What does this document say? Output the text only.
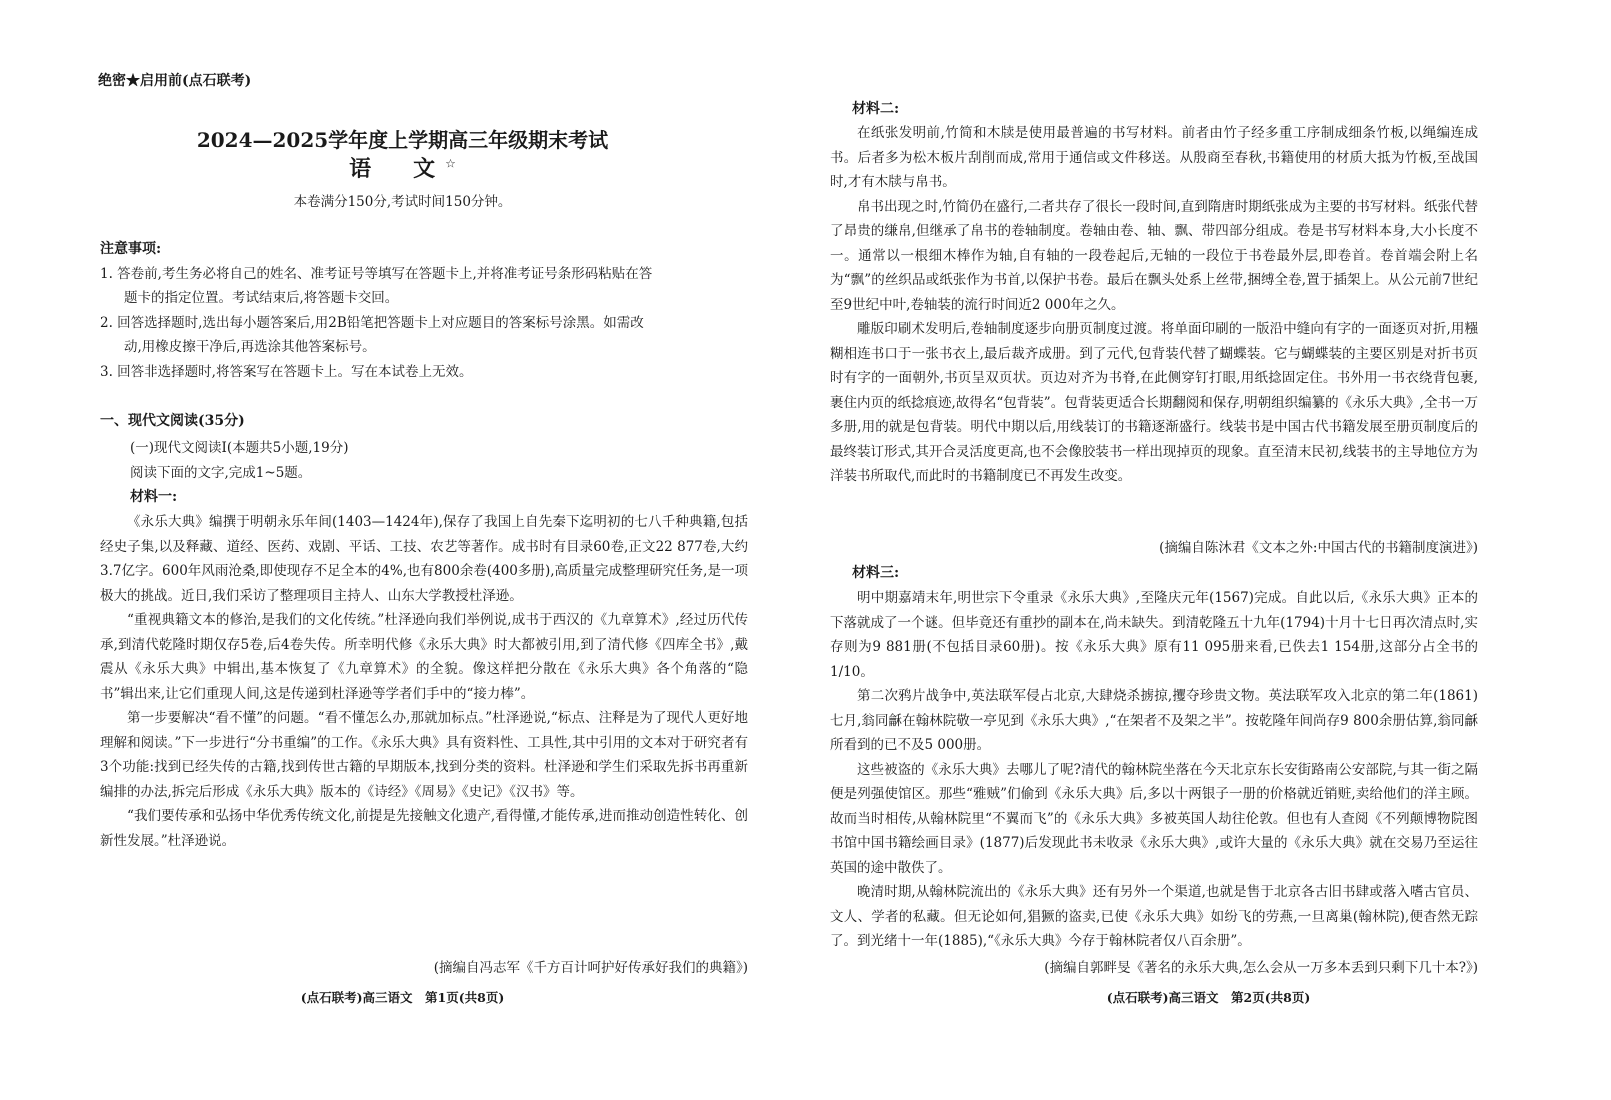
绝密★启用前(点石联考)
2024—2025学年度上学期高三年级期末考试
语　文☆
本卷满分150分,考试时间150分钟。
注意事项:
1. 答卷前,考生务必将自己的姓名、准考证号等填写在答题卡上,并将准考证号条形码粘贴在答
题卡的指定位置。考试结束后,将答题卡交回。
2. 回答选择题时,选出每小题答案后,用2B铅笔把答题卡上对应题目的答案标号涂黑。如需改
动,用橡皮擦干净后,再选涂其他答案标号。
3. 回答非选择题时,将答案写在答题卡上。写在本试卷上无效。
一、现代文阅读(35分)
(一)现代文阅读Ⅰ(本题共5小题,19分)
阅读下面的文字,完成1~5题。
材料一:

《永乐大典》编撰于明朝永乐年间(1403—1424年),保存了我国上自先秦下迄明初的七八千种典籍,包括经史子集,以及释藏、道经、医药、戏剧、平话、工技、农艺等著作。成书时有目录60卷,正文22 877卷,大约3.7亿字。600年风雨沧桑,即使现存不足全本的4%,也有800余卷(400多册),高质量完成整理研究任务,是一项极大的挑战。近日,我们采访了整理项目主持人、山东大学教授杜泽逊。

“重视典籍文本的修治,是我们的文化传统。”杜泽逊向我们举例说,成书于西汉的《九章算术》,经过历代传承,到清代乾隆时期仅存5卷,后4卷失传。所幸明代修《永乐大典》时大都被引用,到了清代修《四库全书》,戴震从《永乐大典》中辑出,基本恢复了《九章算术》的全貌。像这样把分散在《永乐大典》各个角落的“隐书”辑出来,让它们重现人间,这是传递到杜泽逊等学者们手中的“接力棒”。

第一步要解决“看不懂”的问题。“看不懂怎么办,那就加标点。”杜泽逊说,“标点、注释是为了现代人更好地理解和阅读。”下一步进行“分书重编”的工作。《永乐大典》具有资料性、工具性,其中引用的文本对于研究者有3个功能:找到已经失传的古籍,找到传世古籍的早期版本,找到分类的资料。杜泽逊和学生们采取先拆书再重新编排的办法,拆完后形成《永乐大典》版本的《诗经》《周易》《史记》《汉书》等。

“我们要传承和弘扬中华优秀传统文化,前提是先接触文化遗产,看得懂,才能传承,进而推动创造性转化、创新性发展。”杜泽逊说。

(摘编自冯志军《千方百计呵护好传承好我们的典籍》)
(点石联考)高三语文　第1页(共8页)
材料二:

在纸张发明前,竹简和木牍是使用最普遍的书写材料。前者由竹子经多重工序制成细条竹板,以绳编连成书。后者多为松木板片刮削而成,常用于通信或文件移送。从殷商至春秋,书籍使用的材质大抵为竹板,至战国时,才有木牍与帛书。

帛书出现之时,竹简仍在盛行,二者共存了很长一段时间,直到隋唐时期纸张成为主要的书写材料。纸张代替了昂贵的缣帛,但继承了帛书的卷轴制度。卷轴由卷、轴、飘、带四部分组成。卷是书写材料本身,大小长度不一。通常以一根细木棒作为轴,自有轴的一段卷起后,无轴的一段位于书卷最外层,即卷首。卷首端会附上名为“飘”的丝织品或纸张作为书首,以保护书卷。最后在飘头处系上丝带,捆缚全卷,置于插架上。从公元前7世纪至9世纪中叶,卷轴装的流行时间近2 000年之久。

雕版印刷术发明后,卷轴制度逐步向册页制度过渡。将单面印刷的一版沿中缝向有字的一面逐页对折,用糨糊相连书口于一张书衣上,最后裁齐成册。到了元代,包背装代替了蝴蝶装。它与蝴蝶装的主要区别是对折书页时有字的一面朝外,书页呈双页状。页边对齐为书脊,在此侧穿钉打眼,用纸捻固定住。书外用一书衣绕背包裹,裹住内页的纸捻痕迹,故得名“包背装”。包背装更适合长期翻阅和保存,明朝组织编纂的《永乐大典》,全书一万多册,用的就是包背装。明代中期以后,用线装订的书籍逐渐盛行。线装书是中国古代书籍发展至册页制度后的最终装订形式,其开合灵活度更高,也不会像胶装书一样出现掉页的现象。直至清末民初,线装书的主导地位方为洋装书所取代,而此时的书籍制度已不再发生改变。

(摘编自陈沐君《文本之外:中国古代的书籍制度演进》)
材料三:

明中期嘉靖末年,明世宗下令重录《永乐大典》,至隆庆元年(1567)完成。自此以后,《永乐大典》正本的下落就成了一个谜。但毕竟还有重抄的副本在,尚未缺失。到清乾隆五十九年(1794)十月十七日再次清点时,实存则为9 881册(不包括目录60册)。按《永乐大典》原有11 095册来看,已佚去1 154册,这部分占全书的1/10。

第二次鸦片战争中,英法联军侵占北京,大肆烧杀掳掠,攫夺珍贵文物。英法联军攻入北京的第二年(1861)七月,翁同龢在翰林院敬一亭见到《永乐大典》,“在架者不及架之半”。按乾隆年间尚存9 800余册估算,翁同龢所看到的已不及5 000册。

这些被盗的《永乐大典》去哪儿了呢?清代的翰林院坐落在今天北京东长安街路南公安部院,与其一街之隔便是列强使馆区。那些“雅贼”们偷到《永乐大典》后,多以十两银子一册的价格就近销赃,卖给他们的洋主顾。故而当时相传,从翰林院里“不翼而飞”的《永乐大典》多被英国人劫往伦敦。但也有人查阅《不列颠博物院图书馆中国书籍绘画目录》(1877)后发现此书未收录《永乐大典》,或许大量的《永乐大典》就在交易乃至运往英国的途中散佚了。

晚清时期,从翰林院流出的《永乐大典》还有另外一个渠道,也就是售于北京各古旧书肆或落入嗜古官员、文人、学者的私藏。但无论如何,猖獗的盗卖,已使《永乐大典》如纷飞的劳燕,一旦离巢(翰林院),便杳然无踪了。到光绪十一年(1885),“《永乐大典》今存于翰林院者仅八百余册”。

(摘编自郭畔旻《著名的永乐大典,怎么会从一万多本丢到只剩下几十本?》)
(点石联考)高三语文　第2页(共8页)
